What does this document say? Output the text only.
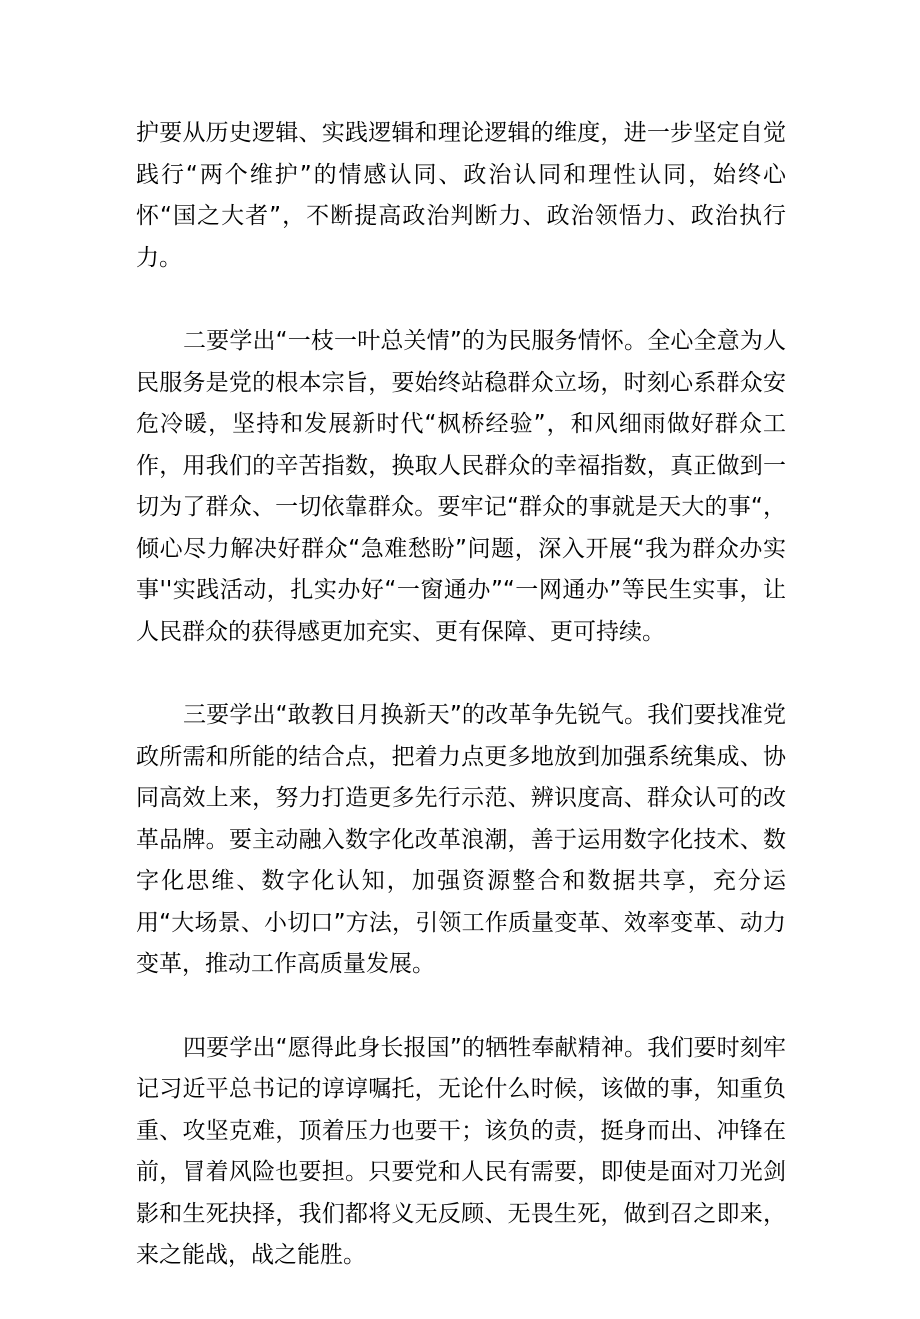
护要从历史逻辑、实践逻辑和理论逻辑的维度，进一步坚定自觉践行“两个维护”的情感认同、政治认同和理性认同，始终心怀“国之大者”，不断提高政治判断力、政治领悟力、政治执行力。

二要学出“一枝一叶总关情”的为民服务情怀。全心全意为人民服务是党的根本宗旨，要始终站稳群众立场，时刻心系群众安危冷暖，坚持和发展新时代“枫桥经验”，和风细雨做好群众工作，用我们的辛苦指数，换取人民群众的幸福指数，真正做到一切为了群众、一切依靠群众。要牢记“群众的事就是天大的事“，倾心尽力解决好群众“急难愁盼”问题，深入开展“我为群众办实事''实践活动，扎实办好“一窗通办”“一网通办”等民生实事，让人民群众的获得感更加充实、更有保障、更可持续。

三要学出“敢教日月换新天”的改革争先锐气。我们要找准党政所需和所能的结合点，把着力点更多地放到加强系统集成、协同高效上来，努力打造更多先行示范、辨识度高、群众认可的改革品牌。要主动融入数字化改革浪潮，善于运用数字化技术、数字化思维、数字化认知，加强资源整合和数据共享，充分运用“大场景、小切口”方法，引领工作质量变革、效率变革、动力变革，推动工作高质量发展。

四要学出“愿得此身长报国”的牺牲奉献精神。我们要时刻牢记习近平总书记的谆谆嘱托，无论什么时候，该做的事，知重负重、攻坚克难，顶着压力也要干；该负的责，挺身而出、冲锋在前，冒着风险也要担。只要党和人民有需要，即使是面对刀光剑影和生死抉择，我们都将义无反顾、无畏生死，做到召之即来，来之能战，战之能胜。
